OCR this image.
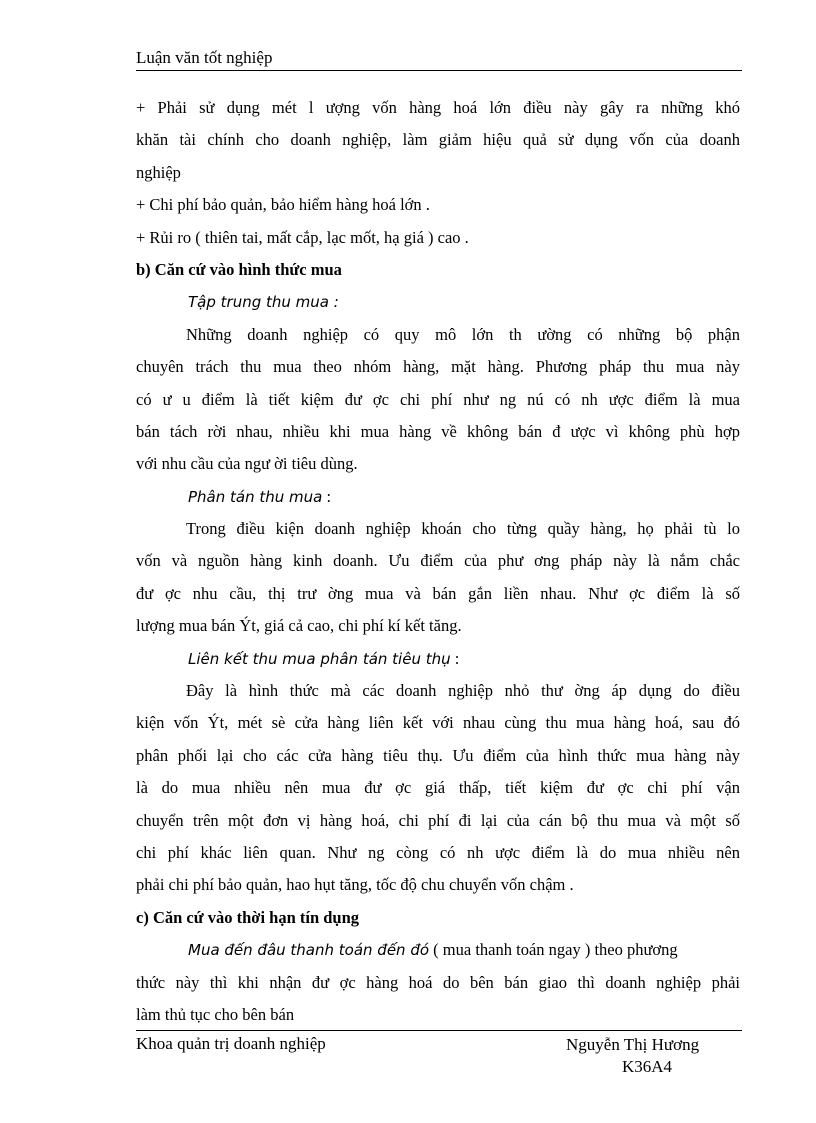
Luận văn tốt nghiệp
+ Phải sử dụng mét l ượng vốn hàng hoá lớn điều này gây ra những khó
khăn tài chính cho doanh nghiệp, làm giảm hiệu quả sử dụng vốn của doanh
nghiệp
+ Chi phí bảo quản, bảo hiểm hàng hoá lớn .
+ Rủi ro ( thiên tai, mất cắp, lạc mốt, hạ giá ) cao .
b) Căn cứ vào hình thức mua
Tập trung thu mua :
Những doanh nghiệp có quy mô lớn th ường có những bộ phận
chuyên trách thu mua theo nhóm hàng, mặt hàng. Phương pháp thu mua này
có ư u điểm là tiết kiệm đư ợc chi phí như ng nú có nh ược điểm là mua
bán tách rời nhau, nhiều khi mua hàng về không bán đ ược vì không phù hợp
với nhu cầu của ngư ời tiêu dùng.
Phân tán thu mua :
Trong điều kiện doanh nghiệp khoán cho từng quầy hàng, họ phải tù lo
vốn và nguồn hàng kinh doanh. Ưu điểm của phư ơng pháp này là nắm chắc
đư ợc nhu cầu, thị trư ờng mua và bán gắn liền nhau. Như ợc điểm là số
lượng mua bán Ýt, giá cả cao, chi phí kí kết tăng.
Liên kết thu mua phân tán tiêu thụ :
Đây là hình thức mà các doanh nghiệp nhỏ thư ờng áp dụng do điều
kiện vốn Ýt, mét sè cửa hàng liên kết với nhau cùng thu mua hàng hoá, sau đó
phân phối lại cho các cửa hàng tiêu thụ. Ưu điểm của hình thức mua hàng này
là do mua nhiều nên mua đư ợc giá thấp, tiết kiệm đư ợc chi phí vận
chuyển trên một đơn vị hàng hoá, chi phí đi lại của cán bộ thu mua và một số
chi phí khác liên quan. Như ng còng có nh ược điểm là do mua nhiều nên
phải chi phí bảo quản, hao hụt tăng, tốc độ chu chuyển vốn chậm .
c) Căn cứ vào thời hạn tín dụng
Mua đến đâu thanh toán đến đó ( mua thanh toán ngay ) theo phương
thức này thì khi nhận đư ợc hàng hoá do bên bán giao thì doanh nghiệp phải
làm thủ tục cho bên bán
Khoa quản trị doanh nghiệp	Nguyễn Thị Hương
K36A4
